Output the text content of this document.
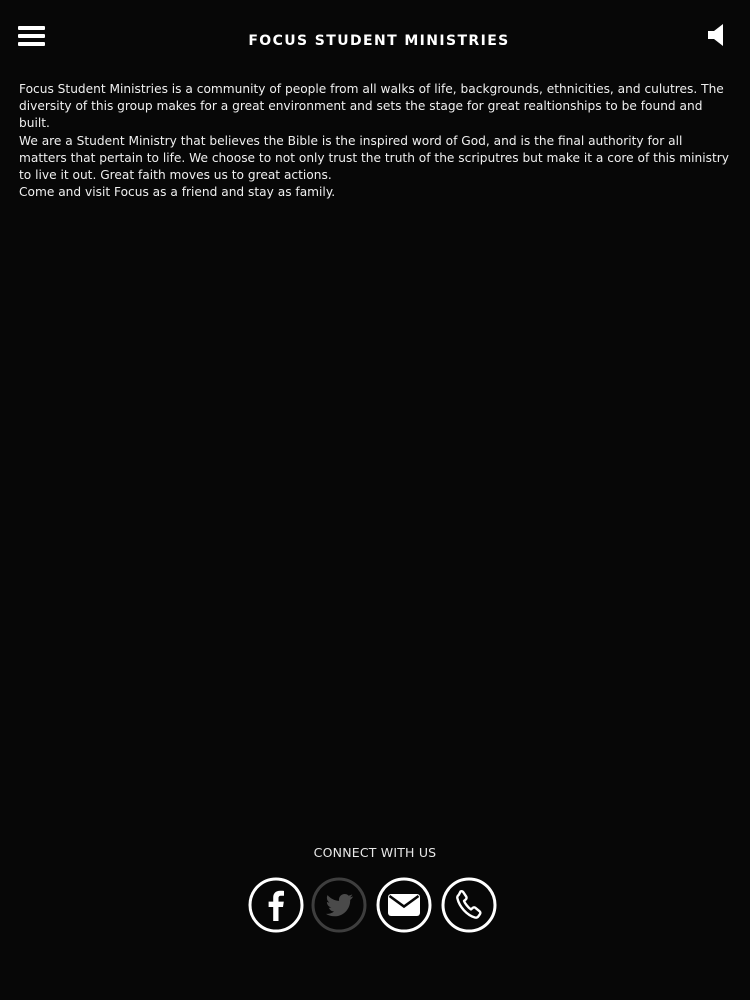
FOCUS STUDENT MINISTRIES

Focus Student Ministries is a community of people from all walks of life, backgrounds, ethnicities, and culutres. The diversity of this group makes for a great environment and sets the stage for great realtionships to be found and built.

We are a Student Ministry that believes the Bible is the inspired word of God, and is the final authority for all matters that pertain to life. We choose to not only trust the truth of the scriputres but make it a core of this ministry to live it out. Great faith moves us to great actions.

Come and visit Focus as a friend and stay as family.

CONNECT WITH US
